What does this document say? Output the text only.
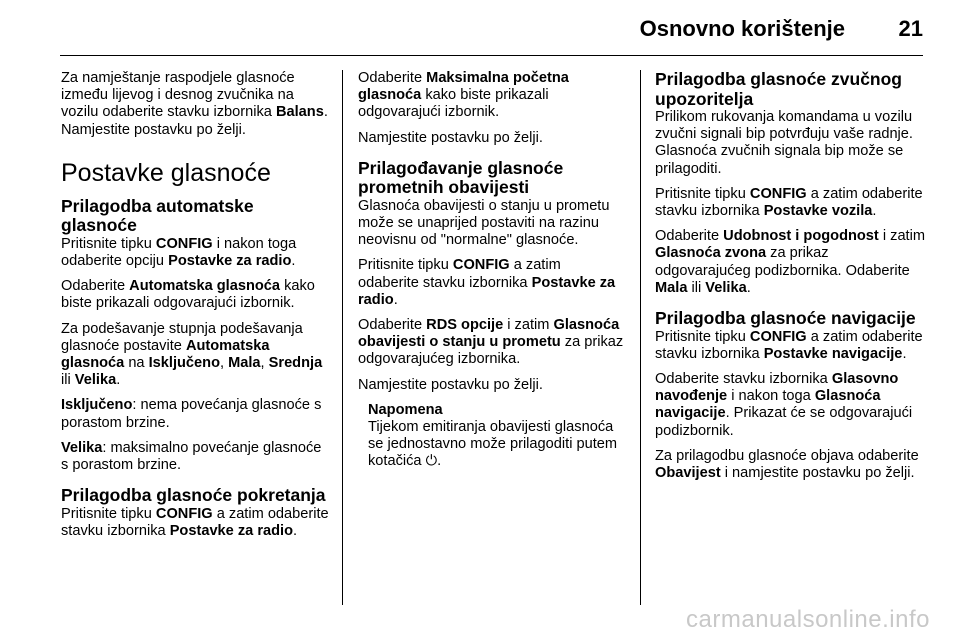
Osnovno korištenje 21

Za namještanje raspodjele glasnoće između lijevog i desnog zvučnika na vozilu odaberite stavku izbornika Balans. Namjestite postavku po želji.

Postavke glasnoće
Prilagodba automatske glasnoće

Pritisnite tipku CONFIG i nakon toga odaberite opciju Postavke za radio.

Odaberite Automatska glasnoća kako biste prikazali odgovarajući izbornik.

Za podešavanje stupnja podešavanja glasnoće postavite Automatska glasnoća na Isključeno, Mala, Srednja ili Velika.

Isključeno: nema povećanja glasnoće s porastom brzine.

Velika: maksimalno povećanje glasnoće s porastom brzine.

Prilagodba glasnoće pokretanja

Pritisnite tipku CONFIG a zatim odaberite stavku izbornika Postavke za radio.

Odaberite Maksimalna početna glasnoća kako biste prikazali odgovarajući izbornik.

Namjestite postavku po želji.

Prilagođavanje glasnoće prometnih obavijesti

Glasnoća obavijesti o stanju u prometu može se unaprijed postaviti na razinu neovisnu od "normalne" glasnoće.

Pritisnite tipku CONFIG a zatim odaberite stavku izbornika Postavke za radio.

Odaberite RDS opcije i zatim Glasnoća obavijesti o stanju u prometu za prikaz odgovarajućeg izbornika.

Namjestite postavku po želji.

Napomena
Tijekom emitiranja obavijesti glasnoća se jednostavno može prilagoditi putem kotačića ⏻.
Prilagodba glasnoće zvučnog upozoritelja

Prilikom rukovanja komandama u vozilu zvučni signali bip potvrđuju vaše radnje. Glasnoća zvučnih signala bip može se prilagoditi.

Pritisnite tipku CONFIG a zatim odaberite stavku izbornika Postavke vozila.

Odaberite Udobnost i pogodnost i zatim Glasnoća zvona za prikaz odgovarajućeg podizbornika. Odaberite Mala ili Velika.

Prilagodba glasnoće navigacije

Pritisnite tipku CONFIG a zatim odaberite stavku izbornika Postavke navigacije.

Odaberite stavku izbornika Glasovno navođenje i nakon toga Glasnoća navigacije. Prikazat će se odgovarajući podizbornik.

Za prilagodbu glasnoće objava odaberite Obavijest i namjestite postavku po želji.

carmanualsonline.info
